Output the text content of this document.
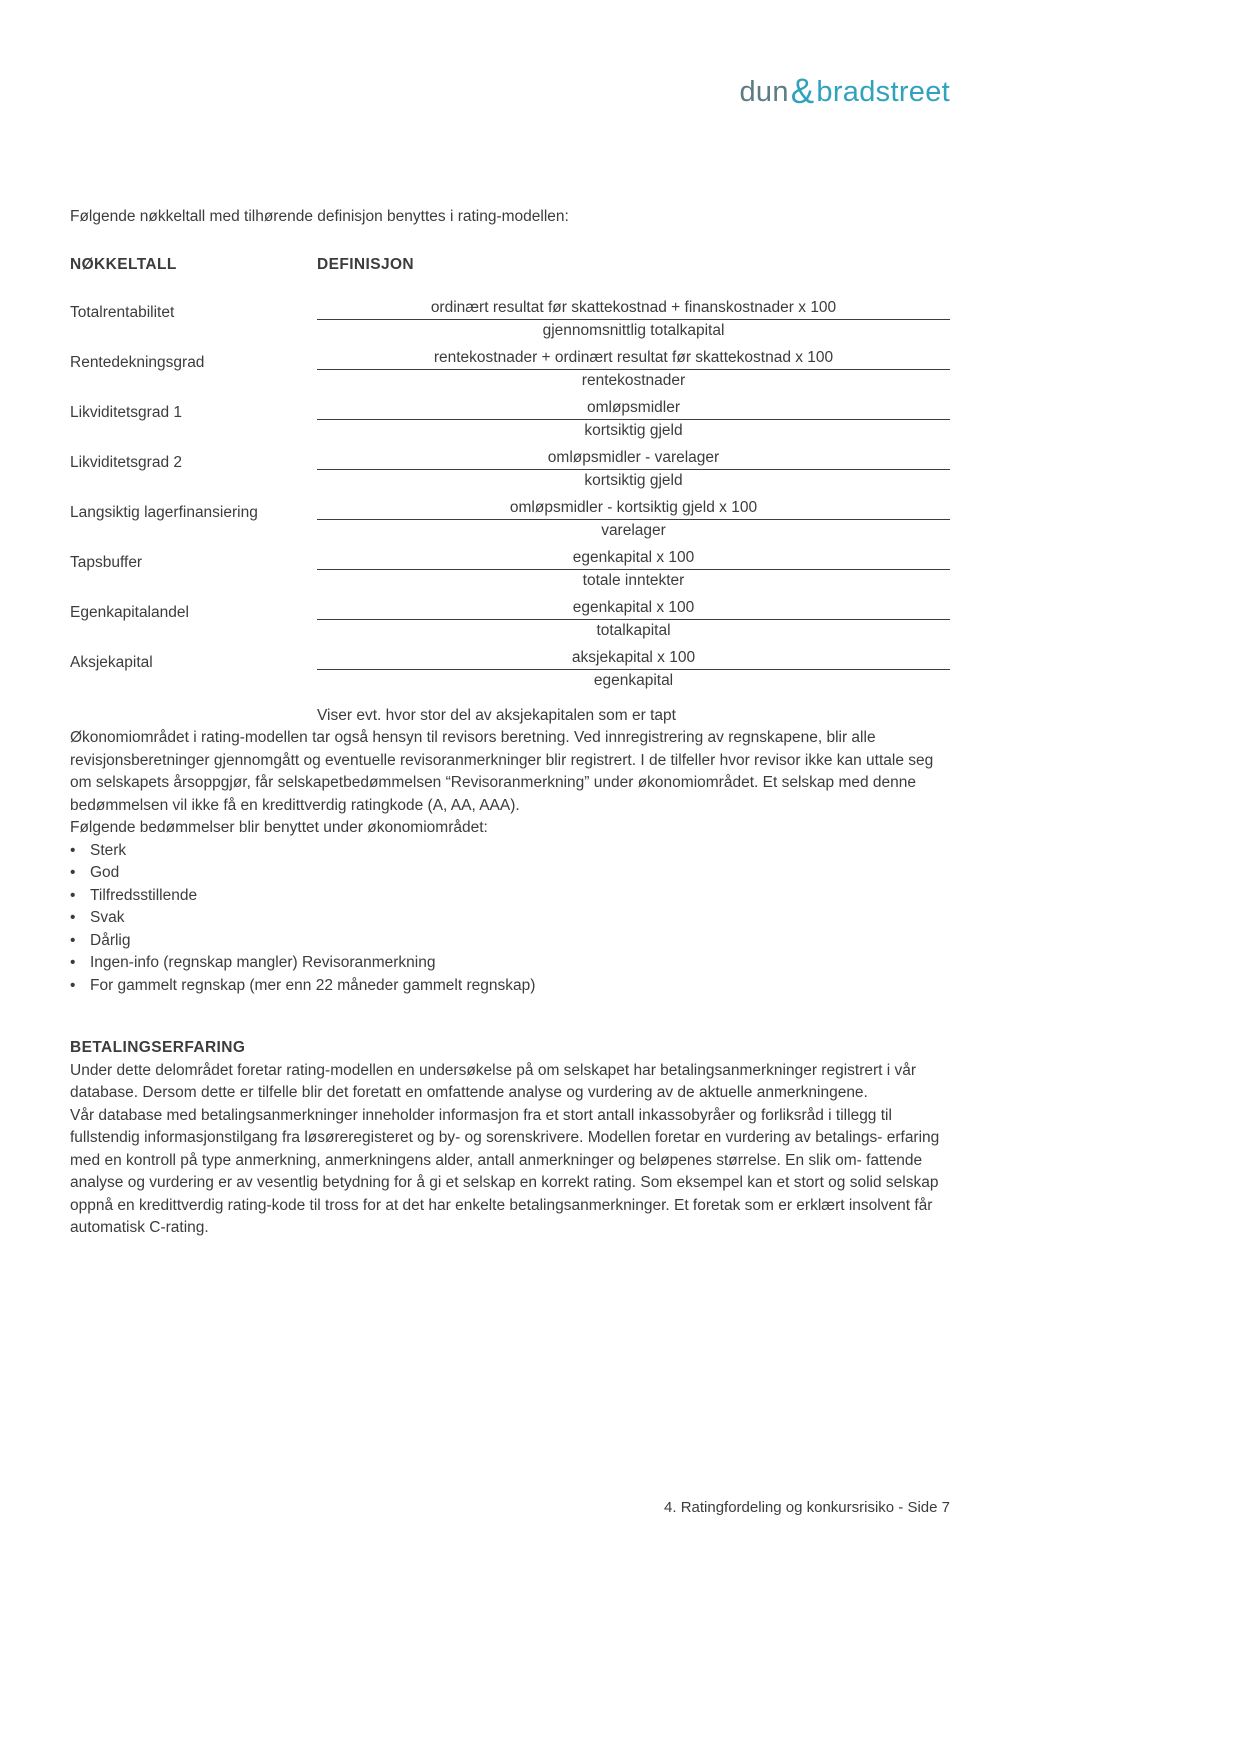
dun & bradstreet

Følgende nøkkeltall med tilhørende definisjon benyttes i rating-modellen:

NØKKELTALL	DEFINISJON
Totalrentabilitet	$\frac{\text{ordinært resultat før skattekostnad + finanskostnader x 100}}{\text{gjennomsnittlig totalkapital}}$
Rentedekningsgrad	$\frac{\text{rentekostnader + ordinært resultat før skattekostnad x 100}}{\text{rentekostnader}}$
Likviditetsgrad 1	$\frac{\text{omløpsmidler}}{\text{kortsiktig gjeld}}$
Likviditetsgrad 2	$\frac{\text{omløpsmidler - varelager}}{\text{kortsiktig gjeld}}$
Langsiktig lagerfinansiering	$\frac{\text{omløpsmidler - kortsiktig gjeld x 100}}{\text{varelager}}$
Tapsbuffer	$\frac{\text{egenkapital x 100}}{\text{totale inntekter}}$
Egenkapitalandel	$\frac{\text{egenkapital x 100}}{\text{totalkapital}}$
Aksjekapital	$\frac{\text{aksjekapital x 100}}{\text{egenkapital}}$
Viser evt. hvor stor del av aksjekapitalen som er tapt

Økonomiområdet i rating-modellen tar også hensyn til revisors beretning. Ved innregistrering av regnskapene, blir alle revisjonsberetninger gjennomgått og eventuelle revisoranmerkninger blir registrert. I de tilfeller hvor revisor ikke kan uttale seg om selskapets årsoppgjør, får selskapetbedømmelsen “Revisoranmerkning” under økonomiområdet. Et selskap med denne bedømmelsen vil ikke få en kredittverdig ratingkode (A, AA, AAA).

Følgende bedømmelser blir benyttet under økonomiområdet:

• Sterk
• God
• Tilfredsstillende
• Svak
• Dårlig
• Ingen-info (regnskap mangler) Revisoranmerkning
• For gammelt regnskap (mer enn 22 måneder gammelt regnskap)

BETALINGSERFARING

Under dette delområdet foretar rating-modellen en undersøkelse på om selskapet har betalingsanmerkninger registrert i vår database. Dersom dette er tilfelle blir det foretatt en omfattende analyse og vurdering av de aktuelle anmerkningene.

Vår database med betalingsanmerkninger inneholder informasjon fra et stort antall inkassobyråer og forliksråd i tillegg til fullstendig informasjonstilgang fra løsøreregisteret og by- og sorenskrivere. Modellen foretar en vurdering av betalings- erfaring med en kontroll på type anmerkning, anmerkningens alder, antall anmerkninger og beløpenes størrelse. En slik om- fattende analyse og vurdering er av vesentlig betydning for å gi et selskap en korrekt rating. Som eksempel kan et stort og solid selskap oppnå en kredittverdig rating-kode til tross for at det har enkelte betalingsanmerkninger. Et foretak som er erklært insolvent får automatisk C-rating.

4. Ratingfordeling og konkursrisiko - Side 7
